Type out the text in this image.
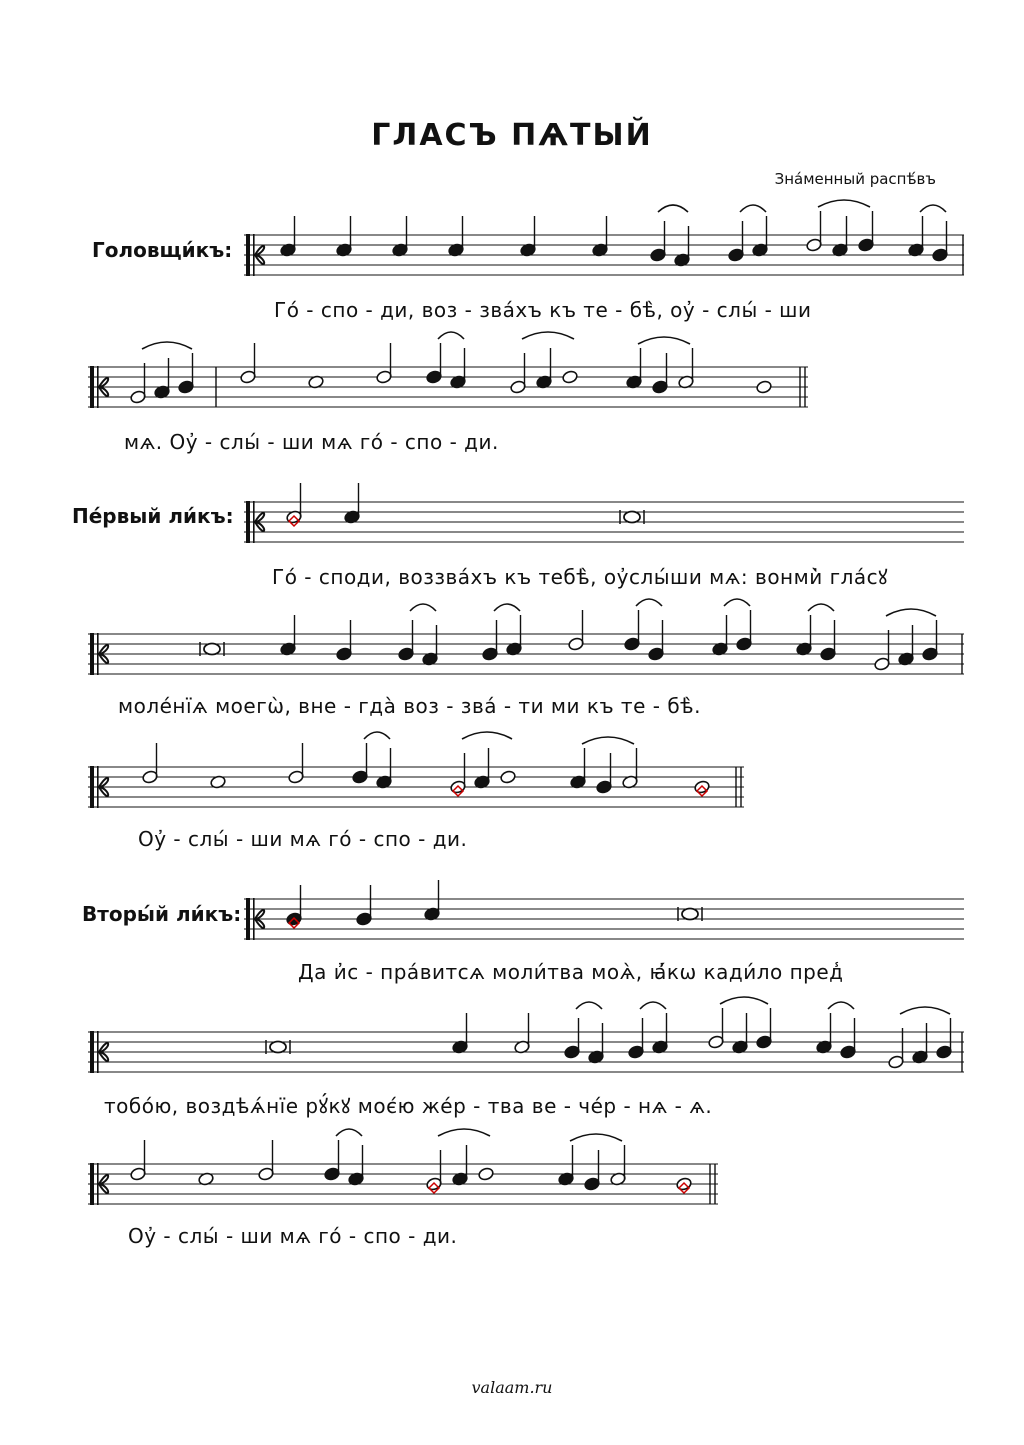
ГЛАСЪ ПѦТЫЙ
Зна́менный распѣ́въ
Головщи́къ:
Пе́рвый ли́къ:
Вторы́й ли́къ:
Го́ - спо - ди, воз - зва́хъ къ те - бѣ̀, оу҆ - слы́ - ши
мѧ. Оу҆ - слы́ - ши мѧ го́ - спо - ди.
Го́ - споди, воззва́хъ къ тебѣ̀, оу҆слы́ши мѧ: вонми̇̀ гла́сꙋ
моле́нїѧ моегѡ̀, вне - гда̀ воз - зва́ - ти ми къ те - бѣ̀.
Оу҆ - слы́ - ши мѧ го́ - спо - ди.
Да и҆с - пра́витсѧ моли́тва моѧ̀, ꙗ҆́кѡ кади́ло пред̾
тобо́ю, воздѣѧ́нїе рꙋ́кꙋ моє́ю же́р - тва ве - че́р - нѧ - ѧ.
Оу҆ - слы́ - ши мѧ го́ - спо - ди.
valaam.ru
